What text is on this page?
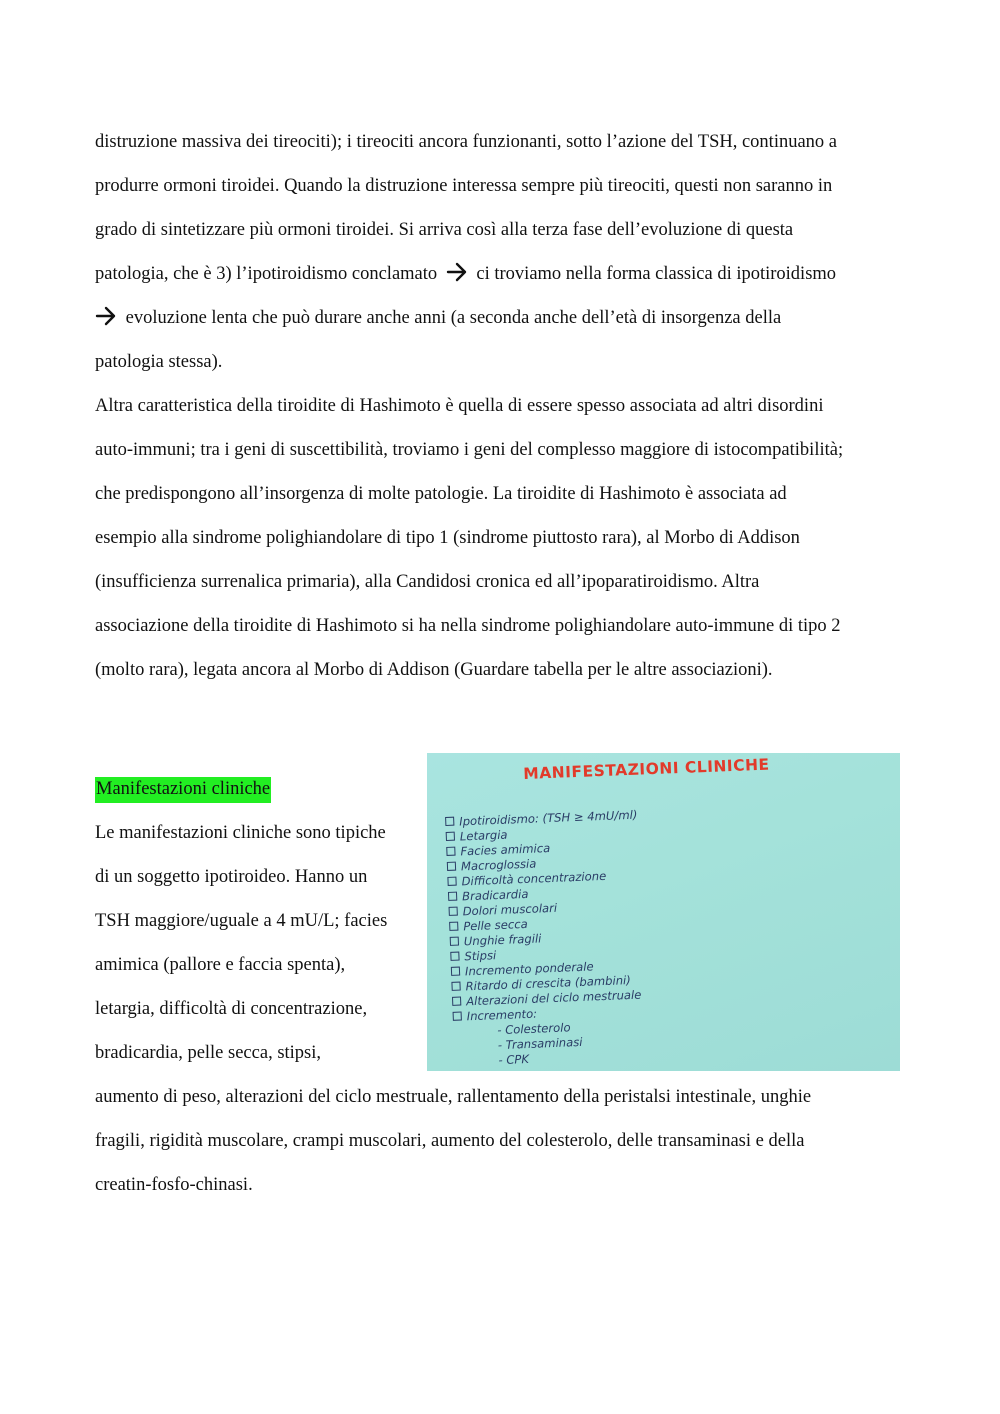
distruzione massiva dei tireociti); i tireociti ancora funzionanti, sotto l’azione del TSH, continuano a
produrre ormoni tiroidei. Quando la distruzione interessa sempre più tireociti, questi non saranno in
grado di sintetizzare più ormoni tiroidei. Si arriva così alla terza fase dell’evoluzione di questa
patologia, che è 3) l’ipotiroidismo conclamato ci troviamo nella forma classica di ipotiroidismo
evoluzione lenta che può durare anche anni (a seconda anche dell’età di insorgenza della
patologia stessa).
Altra caratteristica della tiroidite di Hashimoto è quella di essere spesso associata ad altri disordini
auto-immuni; tra i geni di suscettibilità, troviamo i geni del complesso maggiore di istocompatibilità;
che predispongono all’insorgenza di molte patologie. La tiroidite di Hashimoto è associata ad
esempio alla sindrome polighiandolare di tipo 1 (sindrome piuttosto rara), al Morbo di Addison
(insufficienza surrenalica primaria), alla Candidosi cronica ed all’ipoparatiroidismo. Altra
associazione della tiroidite di Hashimoto si ha nella sindrome polighiandolare auto-immune di tipo 2
(molto rara), legata ancora al Morbo di Addison (Guardare tabella per le altre associazioni).
Manifestazioni cliniche
Le manifestazioni cliniche sono tipiche
di un soggetto ipotiroideo. Hanno un
TSH maggiore/uguale a 4 mU/L; facies
amimica (pallore e faccia spenta),
letargia, difficoltà di concentrazione,
bradicardia, pelle secca, stipsi,
aumento di peso, alterazioni del ciclo mestruale, rallentamento della peristalsi intestinale, unghie
fragili, rigidità muscolare, crampi muscolari, aumento del colesterolo, delle transaminasi e della
creatin-fosfo-chinasi.
MANIFESTAZIONI CLINICHE
Ipotiroidismo: (TSH ≥ 4mU/ml)
Letargia
Facies amimica
Macroglossia
Difficoltà concentrazione
Bradicardia
Dolori muscolari
Pelle secca
Unghie fragili
Stipsi
Incremento ponderale
Ritardo di crescita (bambini)
Alterazioni del ciclo mestruale
Incremento:
- Colesterolo
- Transaminasi
- CPK
